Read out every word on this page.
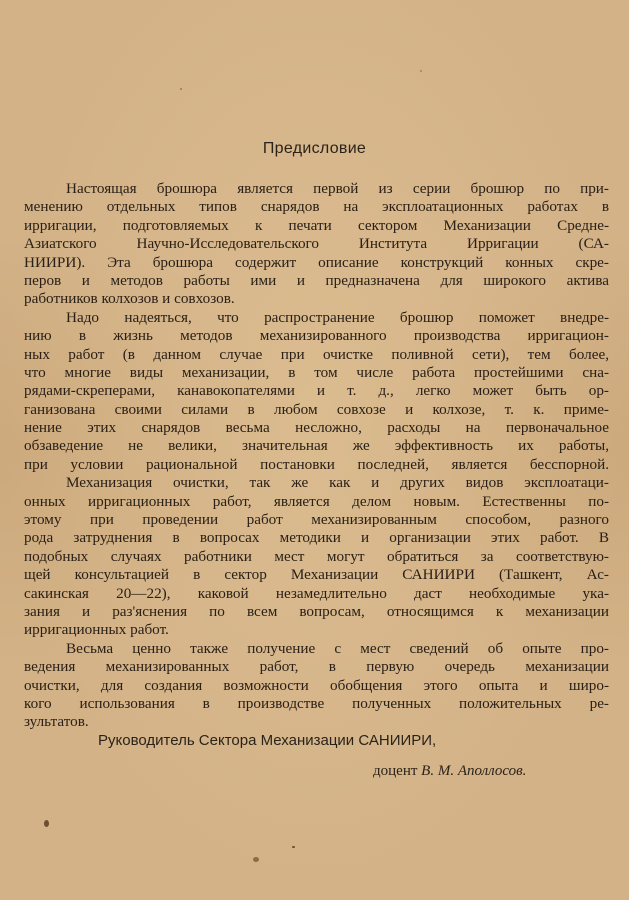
Предисловие
Настоящая брошюра является первой из серии брошюр по при-
менению отдельных типов снарядов на эксплоатационных работах в
ирригации, подготовляемых к печати сектором Механизации Средне-
Азиатского Научно-Исследовательского Института Ирригации (СА-
НИИРИ). Эта брошюра содержит описание конструкций конных скре-
перов и методов работы ими и предназначена для широкого актива
работников колхозов и совхозов.
Надо надеяться, что распространение брошюр поможет внедре-
нию в жизнь методов механизированного производства ирригацион-
ных работ (в данном случае при очистке поливной сети), тем более,
что многие виды механизации, в том числе работа простейшими сна-
рядами-скреперами, канавокопателями и т. д., легко может быть ор-
ганизована своими силами в любом совхозе и колхозе, т. к. приме-
нение этих снарядов весьма несложно, расходы на первоначальное
обзаведение не велики, значительная же эффективность их работы,
при условии рациональной постановки последней, является бесспорной.
Механизация очистки, так же как и других видов эксплоатаци-
онных ирригационных работ, является делом новым. Естественны по-
этому при проведении работ механизированным способом, разного
рода затруднения в вопросах методики и организации этих работ. В
подобных случаях работники мест могут обратиться за соответствую-
щей консультацией в сектор Механизации САНИИРИ (Ташкент, Ас-
сакинская 20—22), каковой незамедлительно даст необходимые ука-
зания и раз'яснения по всем вопросам, относящимся к механизации
ирригационных работ.
Весьма ценно также получение с мест сведений об опыте про-
ведения механизированных работ, в первую очередь механизации
очистки, для создания возможности обобщения этого опыта и широ-
кого использования в производстве полученных положительных ре-
зультатов.
Руководитель Сектора Механизации САНИИРИ,
доцент В. М. Аполлосов.
